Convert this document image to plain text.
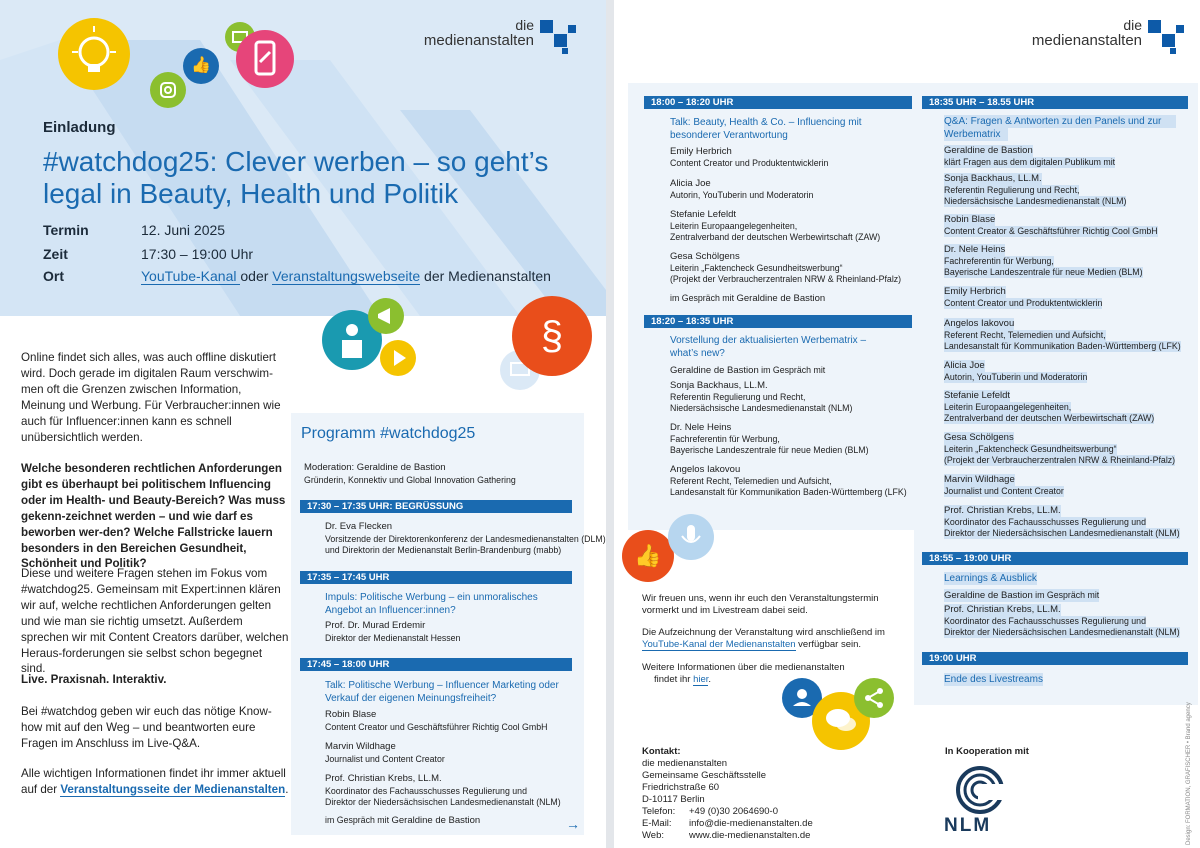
👍
Einladung
#watchdog25: Clever werben – so geht’s
legal in Beauty, Health und Politik
Termin	12. Juni 2025
Zeit	17:30 – 19:00 Uhr
Ort	YouTube-Kanal oder Veranstaltungswebseite der Medienanstalten
die
medienanstalten
§
Online findet sich alles, was auch offline diskutiert wird. Doch gerade im digitalen Raum verschwim-men oft die Grenzen zwischen Information, Meinung und Werbung. Für Verbraucher:innen wie auch für Influencer:innen kann es schnell unübersichtlich werden.
Welche besonderen rechtlichen Anforderungen gibt es überhaupt bei politischem Influencing oder im Health- und Beauty-Bereich? Was muss gekenn-zeichnet werden – und wie darf es beworben wer-den? Welche Fallstricke lauern besonders in den Bereichen Gesundheit, Schönheit und Politik?
Diese und weitere Fragen stehen im Fokus vom #watchdog25. Gemeinsam mit Expert:innen klären wir auf, welche rechtlichen Anforderungen gelten und wie man sie richtig umsetzt. Außerdem sprechen wir mit Content Creators darüber, welchen Heraus-forderungen sie selbst schon begegnet sind.
Live. Praxisnah. Interaktiv.
Bei #watchdog geben wir euch das nötige Know-how mit auf den Weg – und beantworten eure Fragen im Anschluss im Live-Q&A.
Alle wichtigen Informationen findet ihr immer aktuell auf der Veranstaltungsseite der Medienanstalten.
Programm #watchdog25
Moderation: Geraldine de Bastion
Gründerin, Konnektiv und Global Innovation Gathering
17:30 – 17:35 UHR: BEGRÜSSUNG
Dr. Eva Flecken
Vorsitzende der Direktorenkonferenz der Landesmedienanstalten (DLM)
und Direktorin der Medienanstalt Berlin-Brandenburg (mabb)
17:35 – 17:45 UHR
Impuls: Politische Werbung – ein unmoralisches
Angebot an Influencer:innen?
Prof. Dr. Murad Erdemir
Direktor der Medienanstalt Hessen
17:45 – 18:00 UHR
Talk: Politische Werbung – Influencer Marketing oder
Verkauf der eigenen Meinungsfreiheit?
Robin Blase
Content Creator und Geschäftsführer Richtig Cool GmbH
Marvin Wildhage
Journalist und Content Creator
Prof. Christian Krebs, LL.M.
Koordinator des Fachausschusses Regulierung und
Direktor der Niedersächsischen Landesmedienanstalt (NLM)
im Gespräch mit Geraldine de Bastion	→
die
medienanstalten
18:00 – 18:20 UHR
Talk: Beauty, Health & Co. – Influencing mit
besonderer Verantwortung
Emily Herbrich
Content Creator und Produktentwicklerin
Alicia Joe
Autorin, YouTuberin und Moderatorin
Stefanie Lefeldt
Leiterin Europaangelegenheiten,
Zentralverband der deutschen Werbewirtschaft (ZAW)
Gesa Schölgens
Leiterin „Faktencheck Gesundheitswerbung“
(Projekt der Verbraucherzentralen NRW & Rheinland-Pfalz)
im Gespräch mit Geraldine de Bastion
18:20 – 18:35 UHR
Vorstellung der aktualisierten Werbematrix –
what’s new?
Geraldine de Bastion im Gespräch mit
Sonja Backhaus, LL.M.
Referentin Regulierung und Recht,
Niedersächsische Landesmedienanstalt (NLM)
Dr. Nele Heins
Fachreferentin für Werbung,
Bayerische Landeszentrale für neue Medien (BLM)
Angelos Iakovou
Referent Recht, Telemedien und Aufsicht,
Landesanstalt für Kommunikation Baden-Württemberg (LFK)
👍
Wir freuen uns, wenn ihr euch den Veranstaltungstermin
vormerkt und im Livestream dabei seid.
Die Aufzeichnung der Veranstaltung wird anschließend im
YouTube-Kanal der Medienanstalten verfügbar sein.
Weitere Informationen über die medienanstalten
findet ihr hier.
18:35 UHR – 18.55 UHR
Q&A: Fragen & Antworten zu den Panels und zur
Werbematrix
Geraldine de Bastion
klärt Fragen aus dem digitalen Publikum mit
Sonja Backhaus, LL.M.
Referentin Regulierung und Recht,
Niedersächsische Landesmedienanstalt (NLM)
Robin Blase
Content Creator & Geschäftsführer Richtig Cool GmbH
Dr. Nele Heins
Fachreferentin für Werbung,
Bayerische Landeszentrale für neue Medien (BLM)
Emily Herbrich
Content Creator und Produktentwicklerin
Angelos Iakovou
Referent Recht, Telemedien und Aufsicht,
Landesanstalt für Kommunikation Baden-Württemberg (LFK)
Alicia Joe
Autorin, YouTuberin und Moderatorin
Stefanie Lefeldt
Leiterin Europaangelegenheiten,
Zentralverband der deutschen Werbewirtschaft (ZAW)
Gesa Schölgens
Leiterin „Faktencheck Gesundheitswerbung“
(Projekt der Verbraucherzentralen NRW & Rheinland-Pfalz)
Marvin Wildhage
Journalist und Content Creator
Prof. Christian Krebs, LL.M.
Koordinator des Fachausschusses Regulierung und
Direktor der Niedersächsischen Landesmedienanstalt (NLM)
18:55 – 19:00 UHR
Learnings & Ausblick
Geraldine de Bastion im Gespräch mit
Prof. Christian Krebs, LL.M.
Koordinator des Fachausschusses Regulierung und
Direktor der Niedersächsischen Landesmedienanstalt (NLM)
19:00 UHR
Ende des Livestreams
Kontakt:
die medienanstalten
Gemeinsame Geschäftsstelle
Friedrichstraße 60
D-10117 Berlin
Telefon: +49 (0)30 2064690-0
E-Mail: info@die-medienanstalten.de
Web:	www.die-medienanstalten.de
In Kooperation mit
NLM	Design: FORMATION, GRAFISCHER • Brand agency
